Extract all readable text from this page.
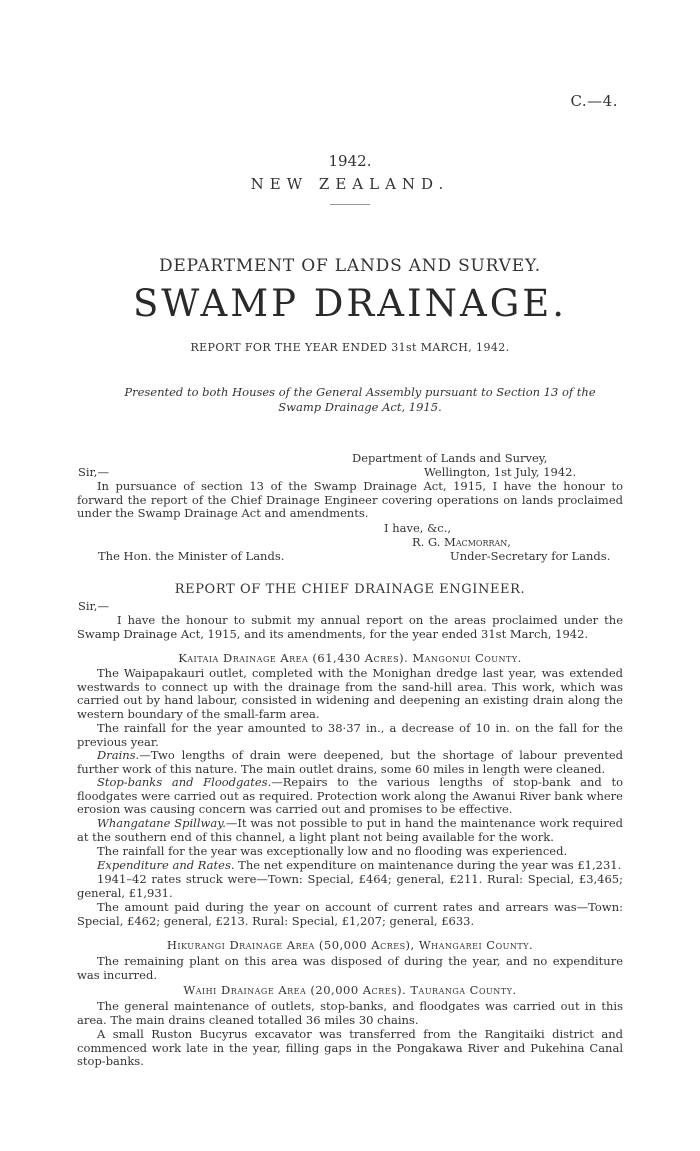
C.—4.
1942.
NEW ZEALAND.
DEPARTMENT OF LANDS AND SURVEY.
SWAMP DRAINAGE.
REPORT FOR THE YEAR ENDED 31st MARCH, 1942.
Presented to both Houses of the General Assembly pursuant to Section 13 of the Swamp Drainage Act, 1915.
Department of Lands and Survey,
Sir,—	Wellington, 1st July, 1942.
In pursuance of section 13 of the Swamp Drainage Act, 1915, I have the honour to forward the report of the Chief Drainage Engineer covering operations on lands proclaimed under the Swamp Drainage Act and amendments.
I have, &c.,
R. G. Macmorran,
The Hon. the Minister of Lands.	Under-Secretary for Lands.
REPORT OF THE CHIEF DRAINAGE ENGINEER.
Sir,—
I have the honour to submit my annual report on the areas proclaimed under the Swamp Drainage Act, 1915, and its amendments, for the year ended 31st March, 1942.
Kaitaia Drainage Area (61,430 Acres). Mangonui County.
The Waipapakauri outlet, completed with the Monighan dredge last year, was extended westwards to connect up with the drainage from the sand-hill area. This work, which was carried out by hand labour, consisted in widening and deepening an existing drain along the western boundary of the small-farm area.
The rainfall for the year amounted to 38·37 in., a decrease of 10 in. on the fall for the previous year.
Drains.—Two lengths of drain were deepened, but the shortage of labour prevented further work of this nature. The main outlet drains, some 60 miles in length were cleaned.
Stop-banks and Floodgates.—Repairs to the various lengths of stop-bank and to floodgates were carried out as required. Protection work along the Awanui River bank where erosion was causing concern was carried out and promises to be effective.
Whangatane Spillway.—It was not possible to put in hand the maintenance work required at the southern end of this channel, a light plant not being available for the work.
The rainfall for the year was exceptionally low and no flooding was experienced.
Expenditure and Rates. The net expenditure on maintenance during the year was £1,231.
1941–42 rates struck were—Town: Special, £464; general, £211. Rural: Special, £3,465; general, £1,931.
The amount paid during the year on account of current rates and arrears was—Town: Special, £462; general, £213. Rural: Special, £1,207; general, £633.
Hikurangi Drainage Area (50,000 Acres), Whangarei County.
The remaining plant on this area was disposed of during the year, and no expenditure was incurred.
Waihi Drainage Area (20,000 Acres). Tauranga County.
The general maintenance of outlets, stop-banks, and floodgates was carried out in this area. The main drains cleaned totalled 36 miles 30 chains.
A small Ruston Bucyrus excavator was transferred from the Rangitaiki district and commenced work late in the year, filling gaps in the Pongakawa River and Pukehina Canal stop-banks.
